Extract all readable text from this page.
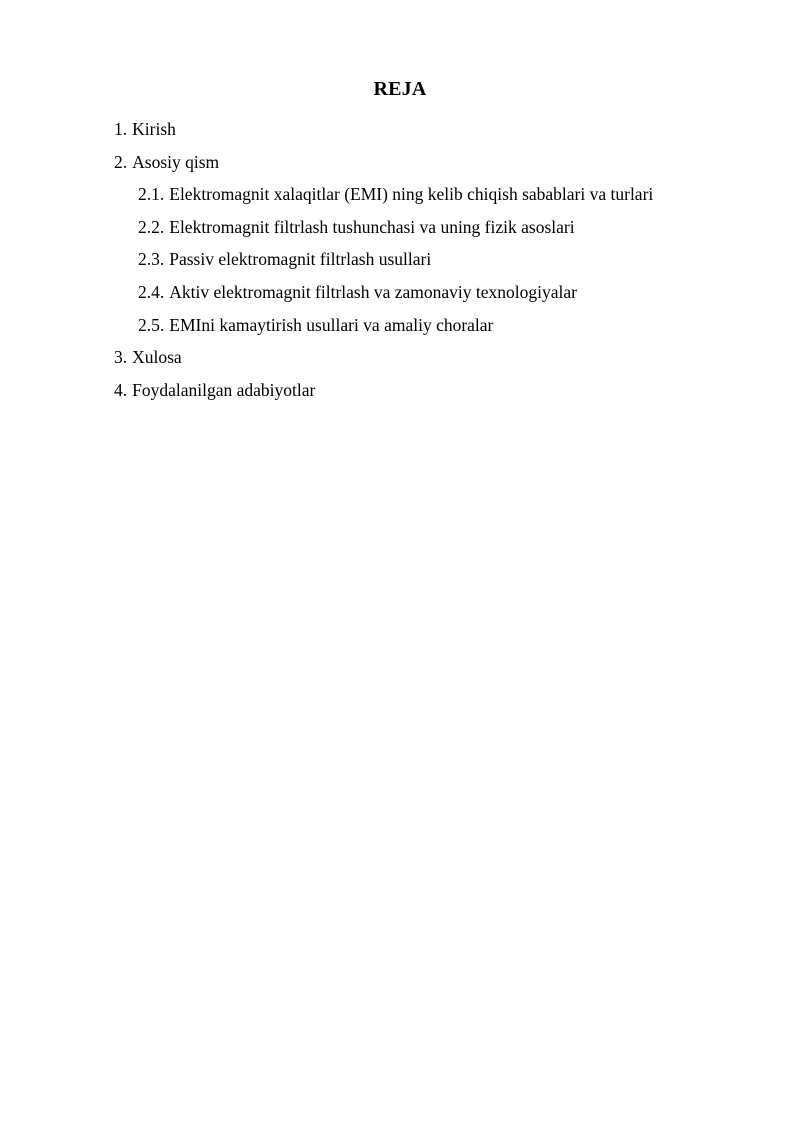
REJA
1. Kirish
2. Asosiy qism
2.1. Elektromagnit xalaqitlar (EMI) ning kelib chiqish sabablari va turlari
2.2. Elektromagnit filtrlash tushunchasi va uning fizik asoslari
2.3. Passiv elektromagnit filtrlash usullari
2.4. Aktiv elektromagnit filtrlash va zamonaviy texnologiyalar
2.5. EMIni kamaytirish usullari va amaliy choralar
3. Xulosa
4. Foydalanilgan adabiyotlar
